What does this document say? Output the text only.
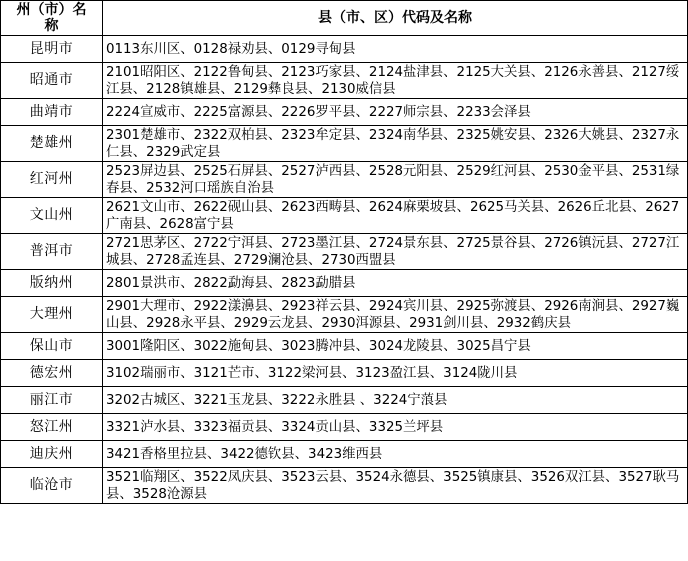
州（市）名称	县（市、区）代码及名称
昆明市	0113东川区、0128禄劝县、0129寻甸县
昭通市	2101昭阳区、2122鲁甸县、2123巧家县、2124盐津县、2125大关县、2126永善县、2127绥江县、2128镇雄县、2129彝良县、2130威信县
曲靖市	2224宣威市、2225富源县、2226罗平县、2227师宗县、2233会泽县
楚雄州	2301楚雄市、2322双柏县、2323牟定县、2324南华县、2325姚安县、2326大姚县、2327永仁县、2329武定县
红河州	2523屏边县、2525石屏县、2527泸西县、2528元阳县、2529红河县、2530金平县、2531绿春县、2532河口瑶族自治县
文山州	2621文山市、2622砚山县、2623西畴县、2624麻栗坡县、2625马关县、2626丘北县、2627广南县、2628富宁县
普洱市	2721思茅区、2722宁洱县、2723墨江县、2724景东县、2725景谷县、2726镇沅县、2727江城县、2728孟连县、2729澜沧县、2730西盟县
版纳州	2801景洪市、2822勐海县、2823勐腊县
大理州	2901大理市、2922漾濞县、2923祥云县、2924宾川县、2925弥渡县、2926南涧县、2927巍山县、2928永平县、2929云龙县、2930洱源县、2931剑川县、2932鹤庆县
保山市	3001隆阳区、3022施甸县、3023腾冲县、3024龙陵县、3025昌宁县
德宏州	3102瑞丽市、3121芒市、3122梁河县、3123盈江县、3124陇川县
丽江市	3202古城区、3221玉龙县、3222永胜县 、3224宁蒗县
怒江州	3321泸水县、3323福贡县、3324贡山县、3325兰坪县
迪庆州	3421香格里拉县、3422德钦县、3423维西县
临沧市	3521临翔区、3522凤庆县、3523云县、3524永德县、3525镇康县、3526双江县、3527耿马县、3528沧源县
